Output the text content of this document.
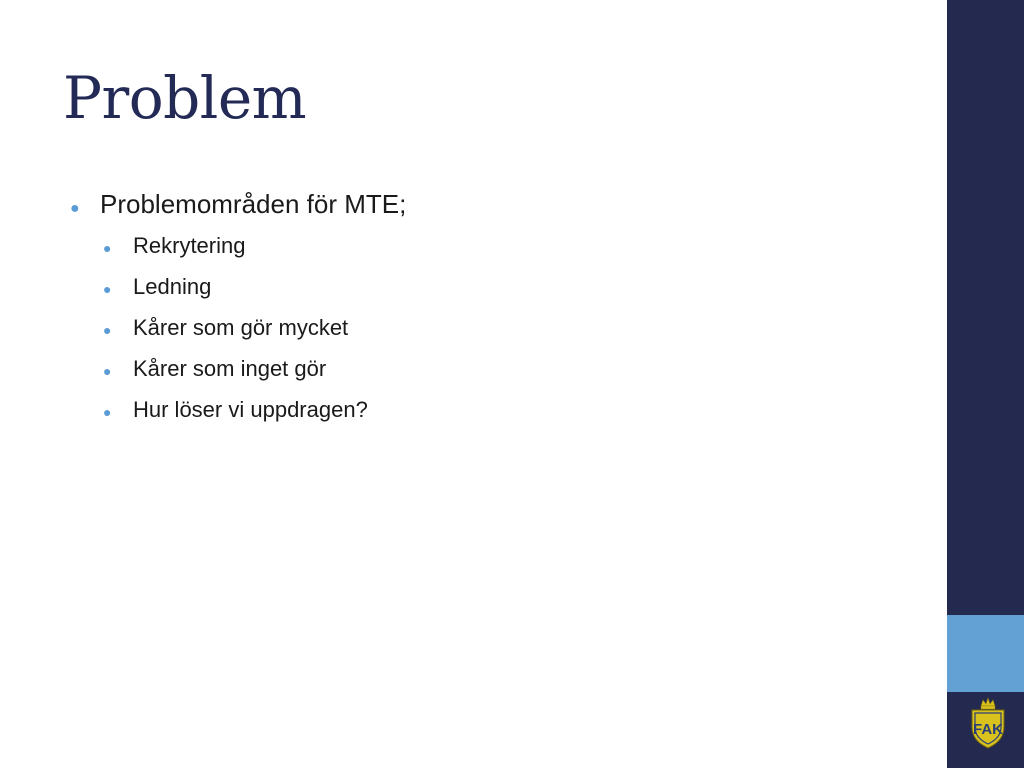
Problem
● Problemområden för MTE;
● Rekrytering
● Ledning
● Kårer som gör mycket
● Kårer som inget gör
● Hur löser vi uppdragen?
FAK
